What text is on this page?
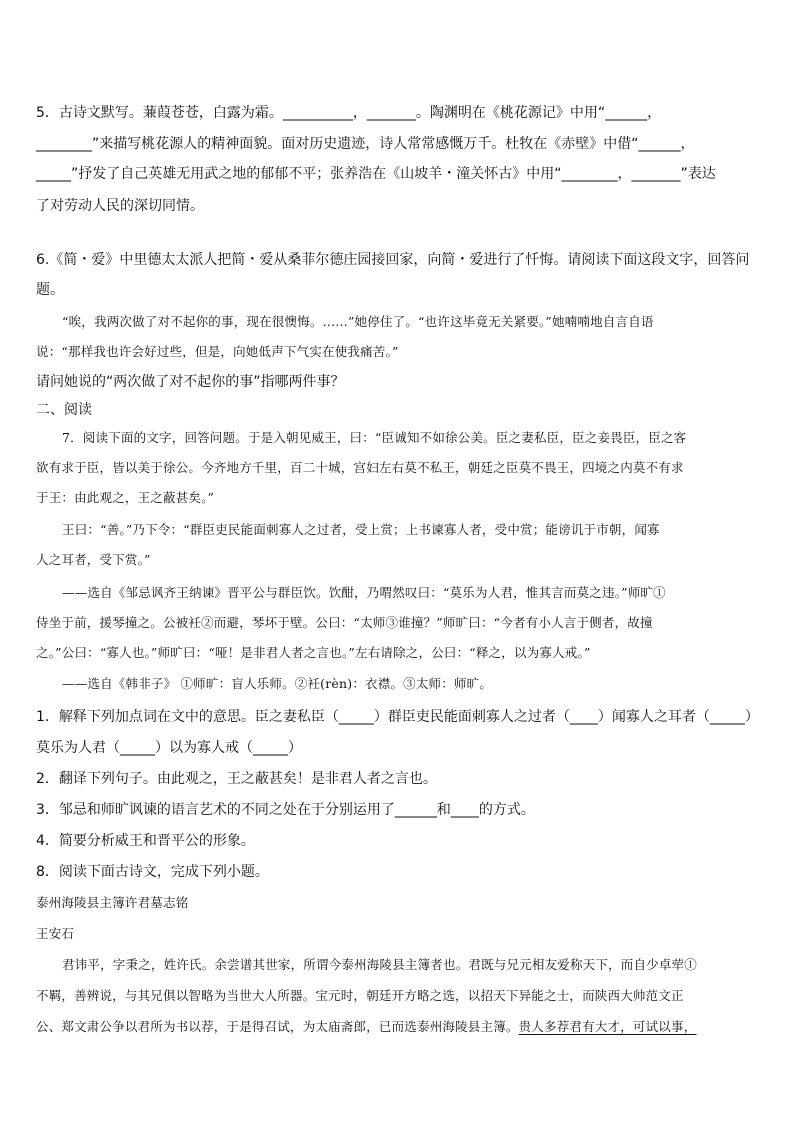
5．古诗文默写。蒹葭苍苍，白露为霜。__________，_______。陶渊明在《桃花源记》中用“______，
________”来描写桃花源人的精神面貌。面对历史遗迹，诗人常常感慨万千。杜牧在《赤壁》中借“______，
_____”抒发了自己英雄无用武之地的郁郁不平；张养浩在《山坡羊・潼关怀古》中用“________，_______”表达
了对劳动人民的深切同情。
6.《简・爱》中里德太太派人把简・爱从桑菲尔德庄园接回家，向简・爱进行了忏悔。请阅读下面这段文字，回答问
题。
“唉，我两次做了对不起你的事，现在很懊悔。……”她停住了。“也许这毕竟无关紧要。”她喃喃地自言自语
说：“那样我也许会好过些，但是，向她低声下气实在使我痛苦。”
请问她说的“两次做了对不起你的事”指哪两件事？
二、阅读
7．阅读下面的文字，回答问题。于是入朝见威王，曰：“臣诚知不如徐公美。臣之妻私臣，臣之妾畏臣，臣之客
欲有求于臣，皆以美于徐公。今齐地方千里，百二十城，宫妇左右莫不私王，朝廷之臣莫不畏王，四境之内莫不有求
于王：由此观之，王之蔽甚矣。”
王曰：“善。”乃下令：“群臣吏民能面刺寡人之过者，受上赏；上书谏寡人者，受中赏；能谤讥于市朝，闻寡
人之耳者，受下赏。”
——选自《邹忌讽齐王纳谏》晋平公与群臣饮。饮酣，乃喟然叹曰：“莫乐为人君，惟其言而莫之违。”师旷①
侍坐于前，援琴撞之。公被衽②而避，琴坏于壁。公曰：“太师③谁撞？”师旷曰：“今者有小人言于侧者，故撞
之。”公曰：“寡人也。”师旷曰：“哑！是非君人者之言也。”左右请除之，公曰：“释之，以为寡人戒。”
——选自《韩非子》 ①师旷：盲人乐师。②衽(rèn)：衣襟。③太师：师旷。
1．解释下列加点词在文中的意思。臣之妻私臣（_____）群臣吏民能面刺寡人之过者（____）闻寡人之耳者（_____）
莫乐为人君（_____）以为寡人戒（_____）
2．翻译下列句子。由此观之，王之蔽甚矣！是非君人者之言也。
3．邹忌和师旷讽谏的语言艺术的不同之处在于分别运用了______和____的方式。
4．简要分析威王和晋平公的形象。
8．阅读下面古诗文，完成下列小题。
泰州海陵县主簿许君墓志铭
王安石
君讳平，字秉之，姓许氏。余尝谱其世家，所谓今泰州海陵县主簿者也。君既与兄元相友爱称天下，而自少卓荦①
不羁，善辨说，与其兄俱以智略为当世大人所器。宝元时，朝廷开方略之选，以招天下异能之士，而陕西大帅范文正
公、郑文肃公争以君所为书以荐，于是得召试，为太庙斋郎，已而选泰州海陵县主簿。贵人多荐君有大才，可试以事，
